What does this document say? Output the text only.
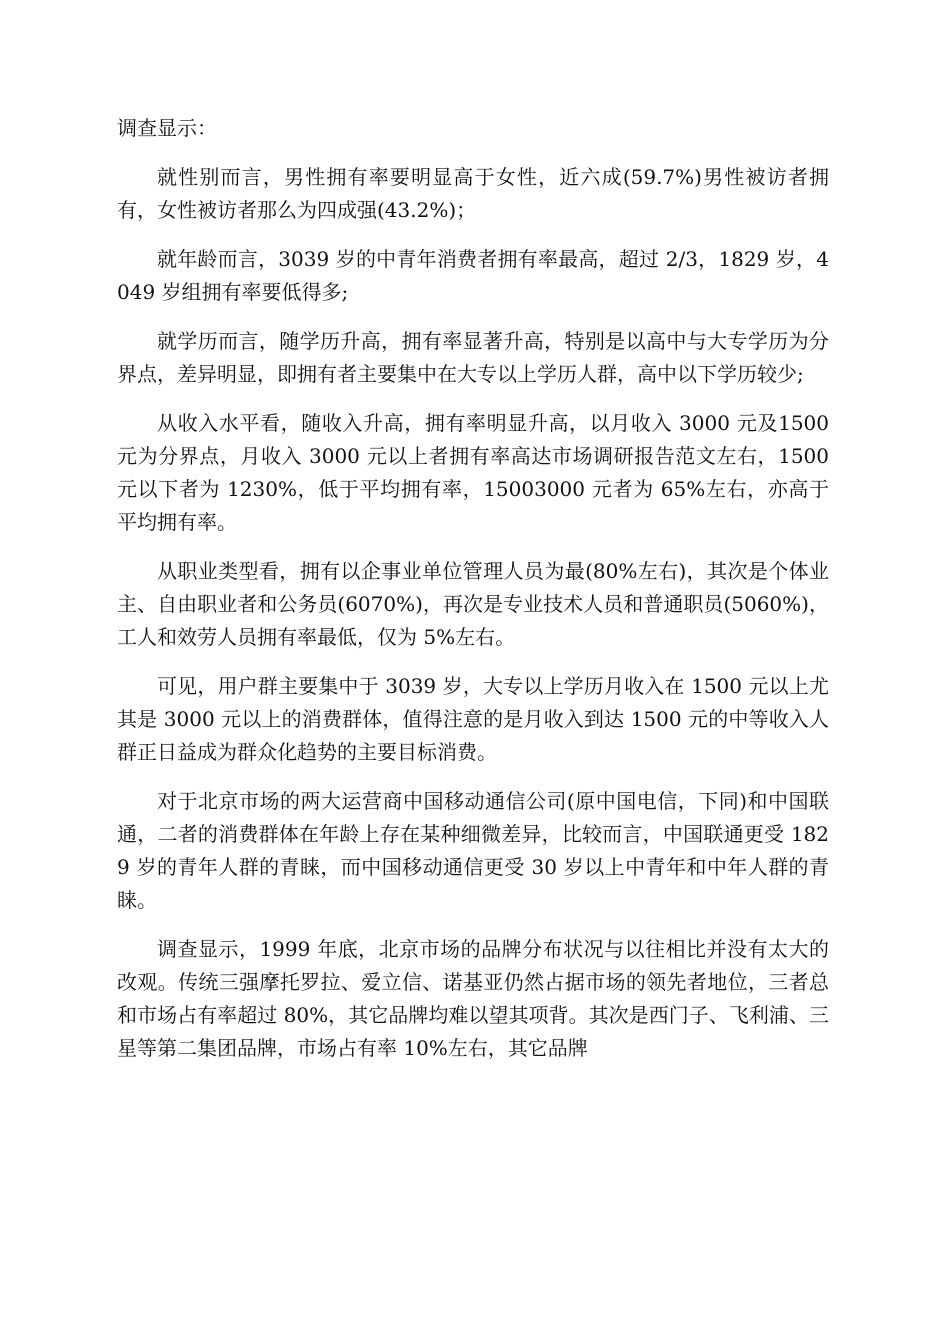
调查显示：

就性别而言，男性拥有率要明显高于女性，近六成(59.7%)男性被访者拥有，女性被访者那么为四成强(43.2%)；

就年龄而言，3039 岁的中青年消费者拥有率最高，超过 2/3，1829 岁，4049 岁组拥有率要低得多;

就学历而言，随学历升高，拥有率显著升高，特别是以高中与大专学历为分界点，差异明显，即拥有者主要集中在大专以上学历人群，高中以下学历较少;

从收入水平看，随收入升高，拥有率明显升高，以月收入 3000 元及1500 元为分界点，月收入 3000 元以上者拥有率高达市场调研报告范文左右，1500 元以下者为 1230%，低于平均拥有率，15003000 元者为 65%左右，亦高于平均拥有率。

从职业类型看，拥有以企事业单位管理人员为最(80%左右)，其次是个体业主、自由职业者和公务员(6070%)，再次是专业技术人员和普通职员(5060%)，工人和效劳人员拥有率最低，仅为 5%左右。

可见，用户群主要集中于 3039 岁，大专以上学历月收入在 1500 元以上尤其是 3000 元以上的消费群体，值得注意的是月收入到达 1500 元的中等收入人群正日益成为群众化趋势的主要目标消费。

对于北京市场的两大运营商中国移动通信公司(原中国电信，下同)和中国联通，二者的消费群体在年龄上存在某种细微差异，比较而言，中国联通更受 1829 岁的青年人群的青睐，而中国移动通信更受 30 岁以上中青年和中年人群的青睐。

调查显示，1999 年底，北京市场的品牌分布状况与以往相比并没有太大的改观。传统三强摩托罗拉、爱立信、诺基亚仍然占据市场的领先者地位，三者总和市场占有率超过 80%，其它品牌均难以望其项背。其次是西门子、飞利浦、三星等第二集团品牌，市场占有率 10%左右，其它品牌
